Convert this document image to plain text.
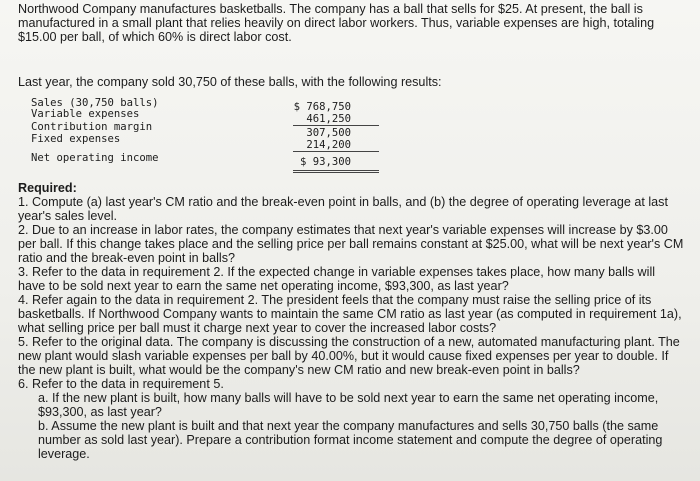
Northwood Company manufactures basketballs. The company has a ball that sells for $25. At present, the ball is manufactured in a small plant that relies heavily on direct labor workers. Thus, variable expenses are high, totaling $15.00 per ball, of which 60% is direct labor cost.

Last year, the company sold 30,750 of these balls, with the following results:

Sales (30,750 balls)	$ 768,750
Variable expenses	461,250
Contribution margin	307,500
Fixed expenses	214,200
Net operating income	$ 93,300
Required:
1. Compute (a) last year's CM ratio and the break-even point in balls, and (b) the degree of operating leverage at last year's sales level.
2. Due to an increase in labor rates, the company estimates that next year's variable expenses will increase by $3.00 per ball. If this change takes place and the selling price per ball remains constant at $25.00, what will be next year's CM ratio and the break-even point in balls?
3. Refer to the data in requirement 2. If the expected change in variable expenses takes place, how many balls will have to be sold next year to earn the same net operating income, $93,300, as last year?
4. Refer again to the data in requirement 2. The president feels that the company must raise the selling price of its basketballs. If Northwood Company wants to maintain the same CM ratio as last year (as computed in requirement 1a), what selling price per ball must it charge next year to cover the increased labor costs?
5. Refer to the original data. The company is discussing the construction of a new, automated manufacturing plant. The new plant would slash variable expenses per ball by 40.00%, but it would cause fixed expenses per year to double. If the new plant is built, what would be the company's new CM ratio and new break-even point in balls?
6. Refer to the data in requirement 5.
a. If the new plant is built, how many balls will have to be sold next year to earn the same net operating income, $93,300, as last year?
b. Assume the new plant is built and that next year the company manufactures and sells 30,750 balls (the same number as sold last year). Prepare a contribution format income statement and compute the degree of operating leverage.
